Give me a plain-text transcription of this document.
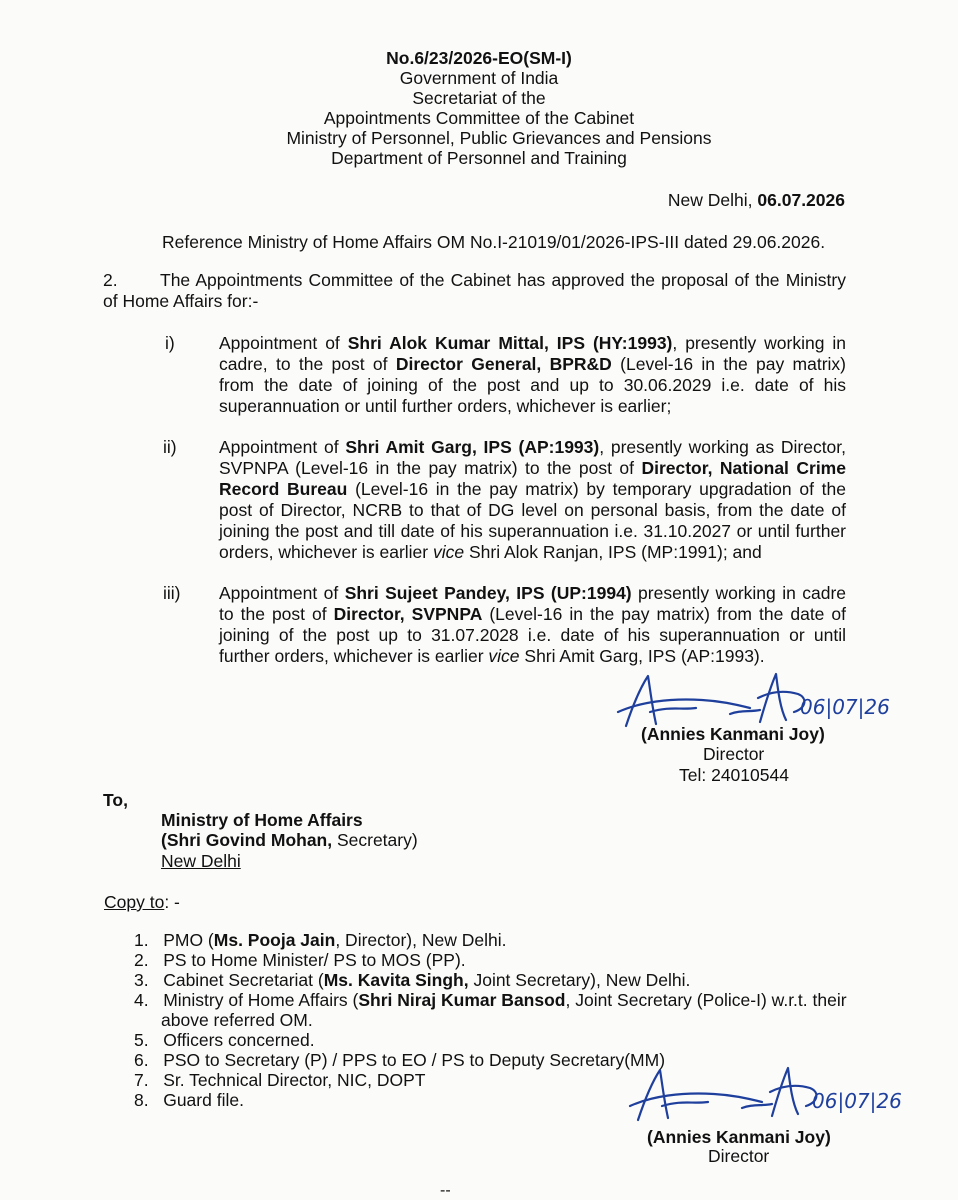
No.6/23/2026-EO(SM-I)
Government of India
Secretariat of the
Appointments Committee of the Cabinet
Ministry of Personnel, Public Grievances and Pensions
Department of Personnel and Training
New Delhi, 06.07.2026
Reference Ministry of Home Affairs OM No.I-21019/01/2026-IPS-III dated 29.06.2026.
2. The Appointments Committee of the Cabinet has approved the proposal of the Ministry
of Home Affairs for:-
i)	Appointment of Shri Alok Kumar Mittal, IPS (HY:1993), presently working in
cadre, to the post of Director General, BPR&D (Level-16 in the pay matrix)
from the date of joining of the post and up to 30.06.2029 i.e. date of his
superannuation or until further orders, whichever is earlier;
ii) Appointment of Shri Amit Garg, IPS (AP:1993), presently working as Director,
SVPNPA (Level-16 in the pay matrix) to the post of Director, National Crime
Record Bureau (Level-16 in the pay matrix) by temporary upgradation of the
post of Director, NCRB to that of DG level on personal basis, from the date of
joining the post and till date of his superannuation i.e. 31.10.2027 or until further
orders, whichever is earlier vice Shri Alok Ranjan, IPS (MP:1991); and
iii) Appointment of Shri Sujeet Pandey, IPS (UP:1994) presently working in cadre
to the post of Director, SVPNPA (Level-16 in the pay matrix) from the date of
joining of the post up to 31.07.2028 i.e. date of his superannuation or until
further orders, whichever is earlier vice Shri Amit Garg, IPS (AP:1993).
06|07|26
(Annies Kanmani Joy)
Director
Tel: 24010544
To,
Ministry of Home Affairs
(Shri Govind Mohan, Secretary)
New Delhi
Copy to: -
1. PMO (Ms. Pooja Jain, Director), New Delhi.
2. PS to Home Minister/ PS to MOS (PP).
3. Cabinet Secretariat (Ms. Kavita Singh, Joint Secretary), New Delhi.
4. Ministry of Home Affairs (Shri Niraj Kumar Bansod, Joint Secretary (Police-I) w.r.t. their
above referred OM.
5. Officers concerned.
6. PSO to Secretary (P) / PPS to EO / PS to Deputy Secretary(MM)
7. Sr. Technical Director, NIC, DOPT
8. Guard file.	06|07|26
(Annies Kanmani Joy)
Director
--
